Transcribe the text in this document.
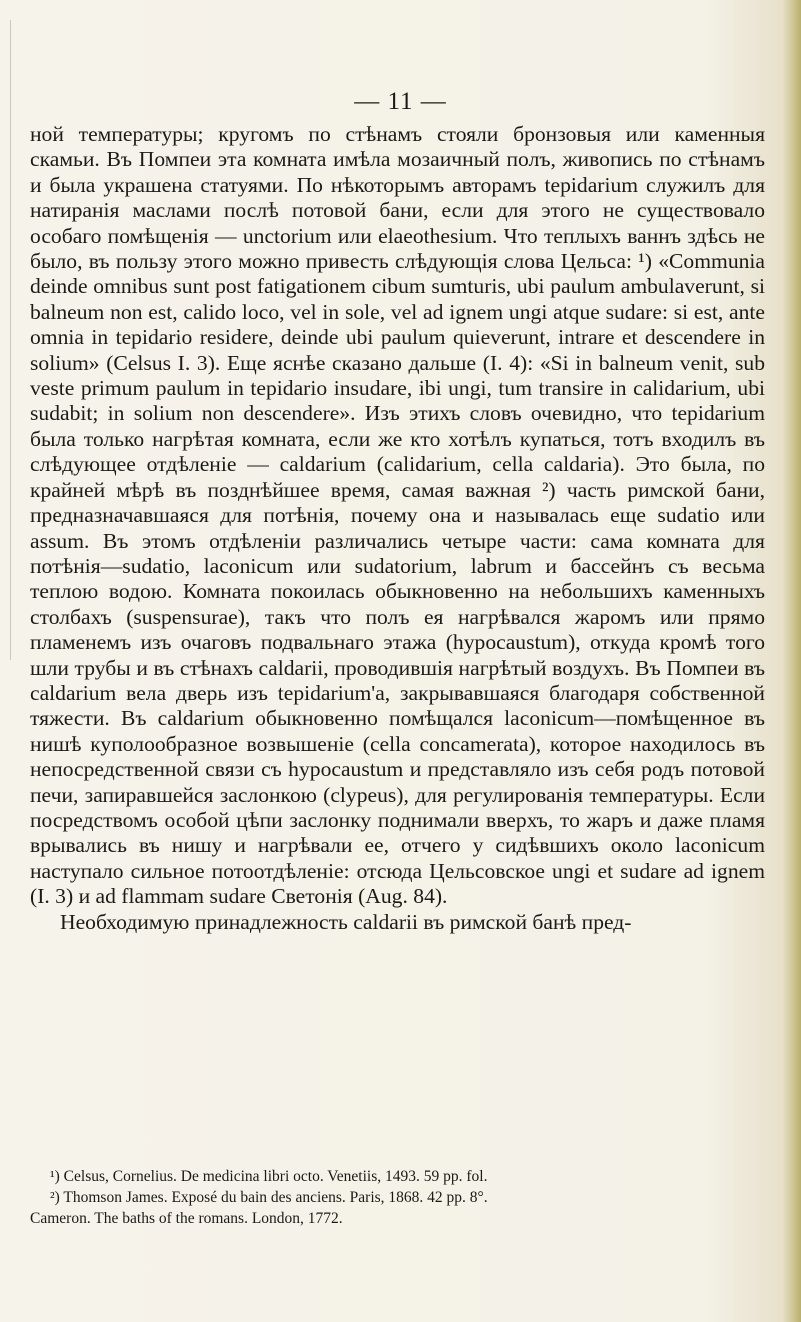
— 11 —

ной температуры; кругомъ по стѣнамъ стояли бронзовыя или каменныя скамьи. Въ Помпеи эта комната имѣла мозаичный полъ, живопись по стѣнамъ и была украшена статуями. По нѣкоторымъ авторамъ tepidarium служилъ для натиранія маслами послѣ потовой бани, если для этого не существовало особаго помѣщенія — unctorium или elaeothesium. Что теплыхъ ваннъ здѣсь не было, въ пользу этого можно привесть слѣдующія слова Цельса: ¹) «Communia deinde omnibus sunt post fatigationem cibum sumturis, ubi paulum ambulaverunt, si balneum non est, calido loco, vel in sole, vel ad ignem ungi atque sudare: si est, ante omnia in tepidario residere, deinde ubi paulum quieverunt, intrare et descendere in solium» (Celsus I. 3). Еще яснѣе сказано дальше (I. 4): «Si in balneum venit, sub veste primum paulum in tepidario insudare, ibi ungi, tum transire in calidarium, ubi sudabit; in solium non descendere». Изъ этихъ словъ очевидно, что tepidarium была только нагрѣтая комната, если же кто хотѣлъ купаться, тотъ входилъ въ слѣдующее отдѣленіе — caldarium (calidarium, cella caldaria). Это была, по крайней мѣрѣ въ позднѣйшее время, самая важная ²) часть римской бани, предназначавшаяся для потѣнія, почему она и называлась еще sudatio или assum. Въ этомъ отдѣленіи различались четыре части: сама комната для потѣнія—sudatio, laconicum или sudatorium, labrum и бассейнъ съ весьма теплою водою. Комната покоилась обыкновенно на небольшихъ каменныхъ столбахъ (suspensurae), такъ что полъ ея нагрѣвался жаромъ или прямо пламенемъ изъ очаговъ подвальнаго этажа (hypocaustum), откуда кромѣ того шли трубы и въ стѣнахъ caldarii, проводившія нагрѣтый воздухъ. Въ Помпеи въ caldarium вела дверь изъ tepidarium'а, закрывавшаяся благодаря собственной тяжести. Въ caldarium обыкновенно помѣщался laconicum—помѣщенное въ нишѣ куполообразное возвышеніе (cella concamerata), которое находилось въ непосредственной связи съ hypocaustum и представляло изъ себя родъ потовой печи, запиравшейся заслонкою (clypeus), для регулированія температуры. Если посредствомъ особой цѣпи заслонку поднимали вверхъ, то жаръ и даже пламя врывались въ нишу и нагрѣвали ее, отчего у сидѣвшихъ около laconicum наступало сильное потоотдѣленіе: отсюда Цельсовское ungi et sudare ad ignem (I. 3) и ad flammam sudare Светонія (Aug. 84).

Необходимую принадлежность caldarii въ римской банѣ пред-

¹) Celsus, Cornelius. De medicina libri octo. Venetiis, 1493. 59 pp. fol.
²) Thomson James. Exposé du bain des anciens. Paris, 1868. 42 pp. 8°.
Cameron. The baths of the romans. London, 1772.
